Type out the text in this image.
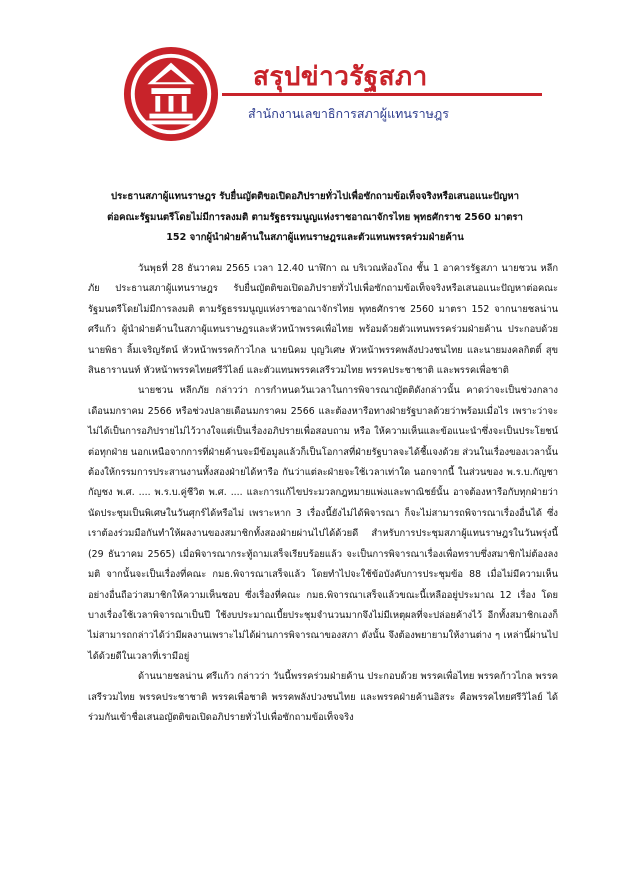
สรุปข่าวรัฐสภา
สำนักงานเลขาธิการสภาผู้แทนราษฎร
ประธานสภาผู้แทนราษฎร รับยื่นญัตติขอเปิดอภิปรายทั่วไปเพื่อซักถามข้อเท็จจริงหรือเสนอแนะปัญหา
ต่อคณะรัฐมนตรีโดยไม่มีการลงมติ ตามรัฐธรรมนูญแห่งราชอาณาจักรไทย พุทธศักราช 2560 มาตรา
152 จากผู้นำฝ่ายค้านในสภาผู้แทนราษฎรและตัวแทนพรรคร่วมฝ่ายค้าน

วันพุธที่ 28 ธันวาคม 2565 เวลา 12.40 นาฬิกา ณ บริเวณห้องโถง ชั้น 1 อาคารรัฐสภา นายชวน หลีกภัย ประธานสภาผู้แทนราษฎร รับยื่นญัตติขอเปิดอภิปรายทั่วไปเพื่อซักถามข้อเท็จจริงหรือเสนอแนะปัญหาต่อคณะรัฐมนตรีโดยไม่มีการลงมติ ตามรัฐธรรมนูญแห่งราชอาณาจักรไทย พุทธศักราช 2560 มาตรา 152 จากนายชลน่าน ศรีแก้ว ผู้นำฝ่ายค้านในสภาผู้แทนราษฎรและหัวหน้าพรรคเพื่อไทย พร้อมด้วยตัวแทนพรรคร่วมฝ่ายค้าน ประกอบด้วย นายพิธา ลิ้มเจริญรัตน์ หัวหน้าพรรคก้าวไกล นายนิคม บุญวิเศษ หัวหน้าพรรคพลังปวงชนไทย และนายมงคลกิตติ์ สุขสินธารานนท์ หัวหน้าพรรคไทยศรีวิไลย์ และตัวแทนพรรคเสรีรวมไทย พรรคประชาชาติ และพรรคเพื่อชาติ

นายชวน หลีกภัย กล่าวว่า การกำหนดวันเวลาในการพิจารณาญัตติดังกล่าวนั้น คาดว่าจะเป็นช่วงกลางเดือนมกราคม 2566 หรือช่วงปลายเดือนมกราคม 2566 และต้องหารือทางฝ่ายรัฐบาลด้วยว่าพร้อมเมื่อไร เพราะว่าจะไม่ได้เป็นการอภิปรายไม่ไว้วางใจแต่เป็นเรื่องอภิปรายเพื่อสอบถาม หรือ ให้ความเห็นและข้อแนะนำซึ่งจะเป็นประโยชน์ต่อทุกฝ่าย นอกเหนือจากการที่ฝ่ายค้านจะมีข้อมูลแล้วก็เป็นโอกาสที่ฝ่ายรัฐบาลจะได้ชี้แจงด้วย ส่วนในเรื่องของเวลานั้นต้องให้กรรมการประสานงานทั้งสองฝ่ายได้หารือ กันว่าแต่ละฝ่ายจะใช้เวลาเท่าใด นอกจากนี้ ในส่วนของ พ.ร.บ.กัญชา กัญชง พ.ศ. .... พ.ร.บ.คู่ชีวิต พ.ศ. .... และการแก้ไขประมวลกฎหมายแพ่งและพาณิชย์นั้น อาจต้องหารือกับทุกฝ่ายว่านัดประชุมเป็นพิเศษในวันศุกร์ได้หรือไม่ เพราะหาก 3 เรื่องนี้ยังไม่ได้พิจารณา ก็จะไม่สามารถพิจารณาเรื่องอื่นได้ ซึ่งเราต้องร่วมมือกันทำให้ผลงานของสมาชิกทั้งสองฝ่ายผ่านไปได้ด้วยดี สำหรับการประชุมสภาผู้แทนราษฎรในวันพรุ่งนี้ (29 ธันวาคม 2565) เมื่อพิจารณากระทู้ถามเสร็จเรียบร้อยแล้ว จะเป็นการพิจารณาเรื่องเพื่อทราบซึ่งสมาชิกไม่ต้องลงมติ จากนั้นจะเป็นเรื่องที่คณะ กมธ.พิจารณาเสร็จแล้ว โดยทำไปจะใช้ข้อบังคับการประชุมข้อ 88 เมื่อไม่มีความเห็นอย่างอื่นถือว่าสมาชิกให้ความเห็นชอบ ซึ่งเรื่องที่คณะ กมธ.พิจารณาเสร็จแล้วขณะนี้เหลืออยู่ประมาณ 12 เรื่อง โดยบางเรื่องใช้เวลาพิจารณาเป็นปี ใช้งบประมาณเบี้ยประชุมจำนวนมากจึงไม่มีเหตุผลที่จะปล่อยค้างไว้ อีกทั้งสมาชิกเองก็ไม่สามารถกล่าวได้ว่ามีผลงานเพราะไม่ได้ผ่านการพิจารณาของสภา ดังนั้น จึงต้องพยายามให้งานต่าง ๆ เหล่านี้ผ่านไปได้ด้วยดีในเวลาที่เรามีอยู่

ด้านนายชลน่าน ศรีแก้ว กล่าวว่า วันนี้พรรคร่วมฝ่ายค้าน ประกอบด้วย พรรคเพื่อไทย พรรคก้าวไกล พรรคเสรีรวมไทย พรรคประชาชาติ พรรคเพื่อชาติ พรรคพลังปวงชนไทย และพรรคฝ่ายค้านอิสระ คือพรรคไทยศรีวิไลย์ ได้ร่วมกันเข้าชื่อเสนอญัตติขอเปิดอภิปรายทั่วไปเพื่อซักถามข้อเท็จจริง
